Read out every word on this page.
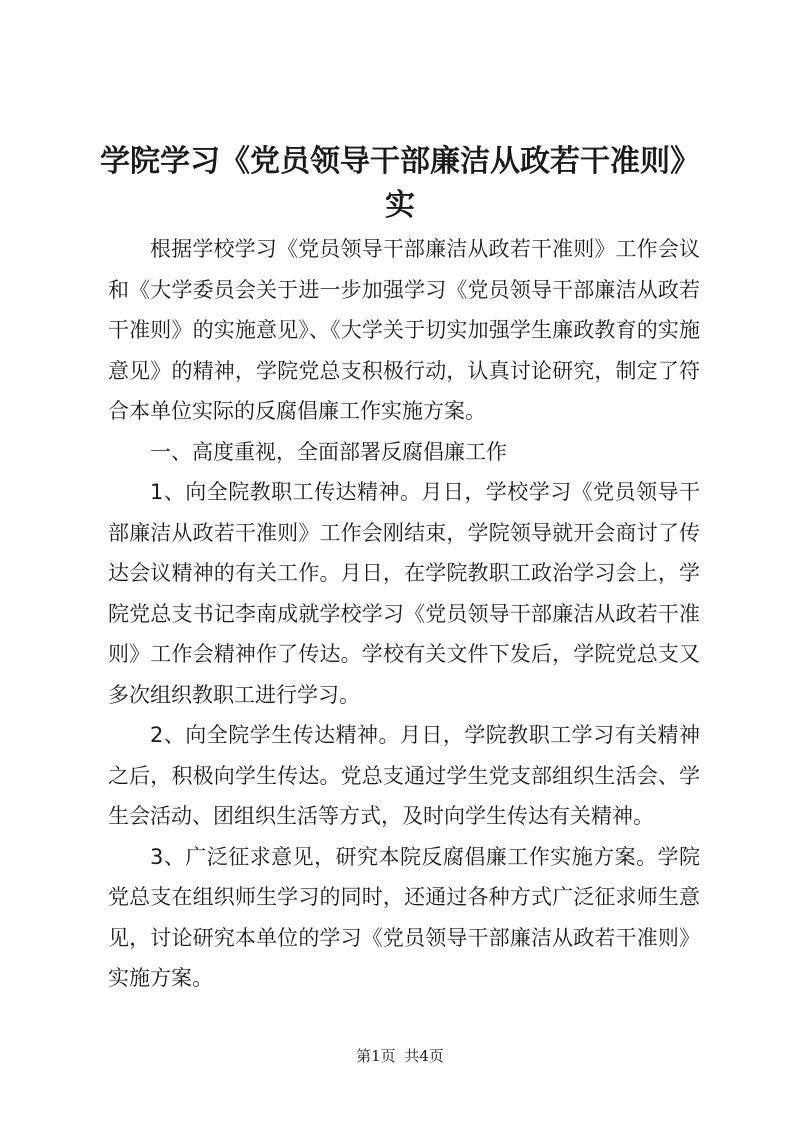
学院学习《党员领导干部廉洁从政若干准则》
实

根据学校学习《党员领导干部廉洁从政若干准则》工作会议和《大学委员会关于进一步加强学习《党员领导干部廉洁从政若干准则》的实施意见》、《大学关于切实加强学生廉政教育的实施意见》的精神，学院党总支积极行动，认真讨论研究，制定了符合本单位实际的反腐倡廉工作实施方案。

一、高度重视，全面部署反腐倡廉工作

1、向全院教职工传达精神。月日，学校学习《党员领导干部廉洁从政若干准则》工作会刚结束，学院领导就开会商讨了传达会议精神的有关工作。月日，在学院教职工政治学习会上，学院党总支书记李南成就学校学习《党员领导干部廉洁从政若干准则》工作会精神作了传达。学校有关文件下发后，学院党总支又多次组织教职工进行学习。

2、向全院学生传达精神。月日，学院教职工学习有关精神之后，积极向学生传达。党总支通过学生党支部组织生活会、学生会活动、团组织生活等方式，及时向学生传达有关精神。

3、广泛征求意见，研究本院反腐倡廉工作实施方案。学院党总支在组织师生学习的同时，还通过各种方式广泛征求师生意见，讨论研究本单位的学习《党员领导干部廉洁从政若干准则》实施方案。

第1页 共4页
